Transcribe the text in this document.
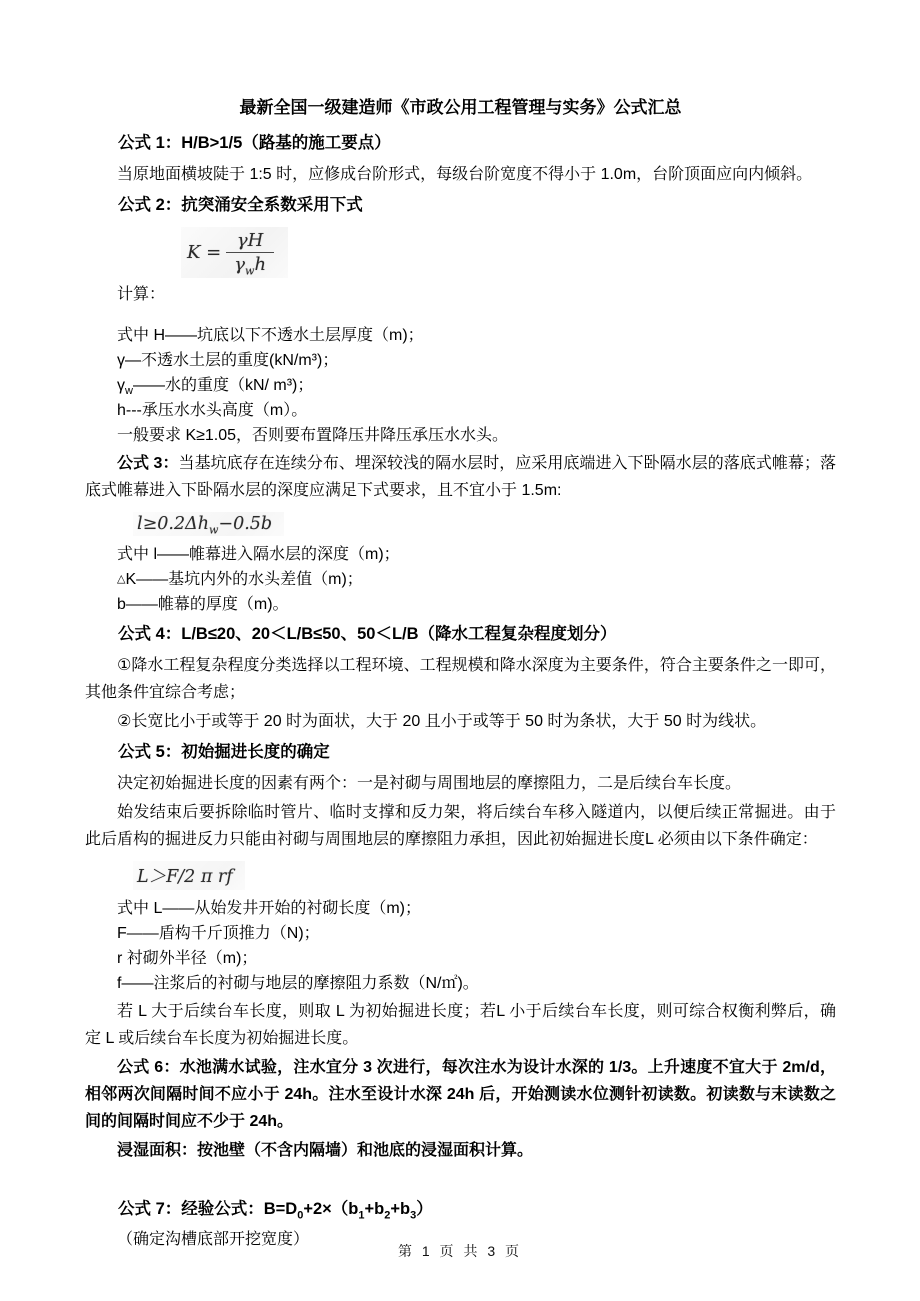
最新全国一级建造师《市政公用工程管理与实务》公式汇总

公式 1：H/B>1/5（路基的施工要点）

当原地面横坡陡于 1:5 时，应修成台阶形式，每级台阶宽度不得小于 1.0m，台阶顶面应向内倾斜。

公式 2：抗突涌安全系数采用下式

$K = \frac{\gamma H}{\gamma_wh}$

计算：

式中 H——坑底以下不透水土层厚度（m)；

γ—不透水土层的重度(kN/m³)；

$\gamma_w——$水的重度（kN/ m³)；

h---承压水水头高度（m）。

一般要求 K≥1.05，否则要布置降压井降压承压水水头。

公式 3：当基坑底存在连续分布、埋深较浅的隔水层时，应采用底端进入下卧隔水层的落底式帷幕；落底式帷幕进入下卧隔水层的深度应满足下式要求，且不宜小于 1.5m:

$l\ge 0.2\Delta h_w-0.5b$

式中 l——帷幕进入隔水层的深度（m)；

△K——基坑内外的水头差值（m)；

b——帷幕的厚度（m)。

公式 4：L/B≤20、20＜L/B≤50、50＜L/B（降水工程复杂程度划分）

①降水工程复杂程度分类选择以工程环境、工程规模和降水深度为主要条件，符合主要条件之一即可，其他条件宜综合考虑；

②长宽比小于或等于 20 时为面状，大于 20 且小于或等于 50 时为条状，大于 50 时为线状。

公式 5：初始掘进长度的确定

决定初始掘进长度的因素有两个：一是衬砌与周围地层的摩擦阻力，二是后续台车长度。

始发结束后要拆除临时管片、临时支撑和反力架，将后续台车移入隧道内，以便后续正常掘进。由于此后盾构的掘进反力只能由衬砌与周围地层的摩擦阻力承担，因此初始掘进长度L 必须由以下条件确定：

L＞F/2 π rf

式中 L——从始发井开始的衬砌长度（m)；

F——盾构千斤顶推力（N)；

r 衬砌外半径（m)；

f——注浆后的衬砌与地层的摩擦阻力系数（N/㎡)。

若 L 大于后续台车长度，则取 L 为初始掘进长度；若L 小于后续台车长度，则可综合权衡利弊后，确定 L 或后续台车长度为初始掘进长度。

公式 6：水池满水试验，注水宜分 3 次进行，每次注水为设计水深的 1/3。上升速度不宜大于 2m/d，相邻两次间隔时间不应小于 24h。注水至设计水深 24h 后，开始测读水位测针初读数。初读数与末读数之间的间隔时间应不少于 24h。

浸湿面积：按池壁（不含内隔墙）和池底的浸湿面积计算。

公式 7：经验公式：$B=D_0+2\times(b_1+b_2+b_3)$

（确定沟槽底部开挖宽度）

第 1 页 共 3 页
